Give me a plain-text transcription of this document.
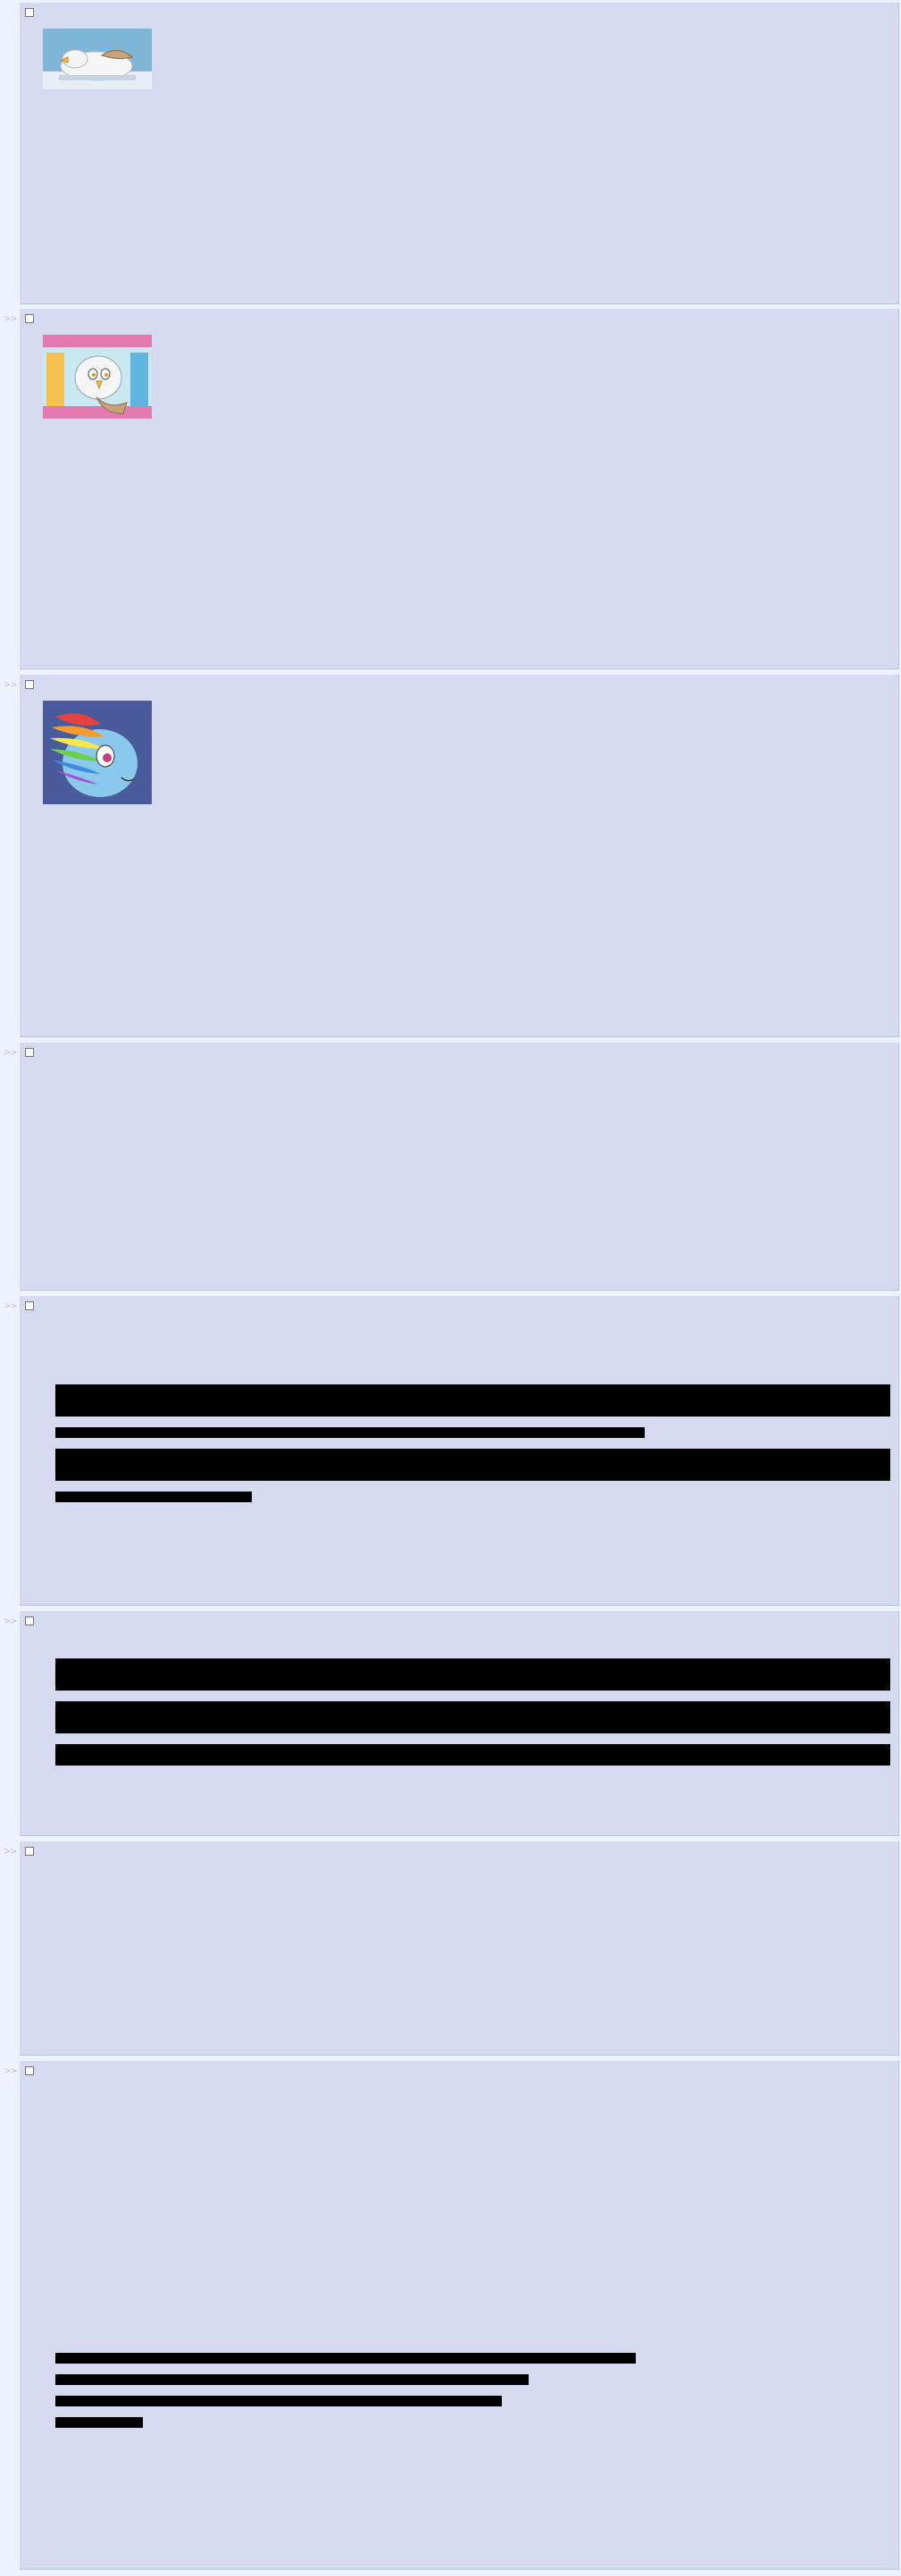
>>

>>

>>

>>

>>
>>

>>
